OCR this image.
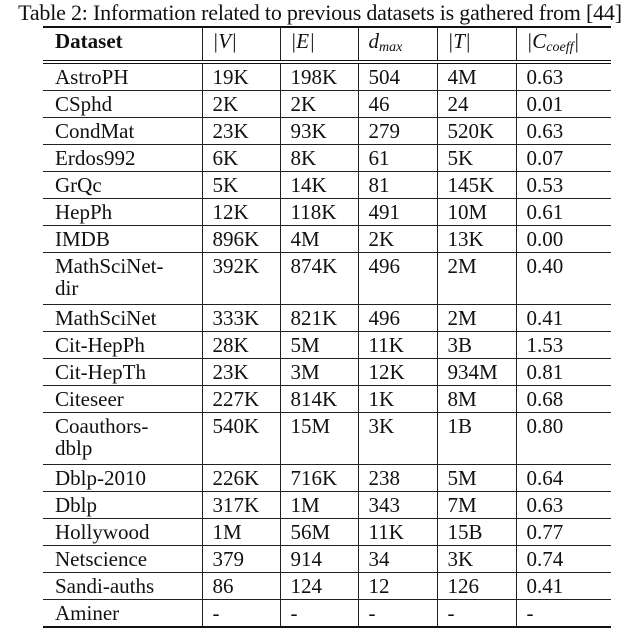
Table 2: Information related to previous datasets is gathered from [44]
Dataset	|V|	|E|	$d_{max}$	|T|	$|C_{coeff}|$
AstroPH	19K	198K	504	4M	0.63
CSphd	2K	2K	46	24	0.01
CondMat	23K	93K	279	520K	0.63
Erdos992	6K	8K	61	5K	0.07
GrQc	5K	14K	81	145K	0.53
HepPh	12K	118K	491	10M	0.61
IMDB	896K	4M	2K	13K	0.00

MathSciNet-
dir	392K	874K	496	2M	0.40
MathSciNet	333K	821K	496	2M	0.41
Cit-HepPh	28K	5M	11K	3B	1.53
Cit-HepTh	23K	3M	12K	934M	0.81
Citeseer	227K	814K	1K	8M	0.68

Coauthors-
dblp	540K	15M	3K	1B	0.80
Dblp-2010	226K	716K	238	5M	0.64
Dblp	317K	1M	343	7M	0.63
Hollywood	1M	56M	11K	15B	0.77
Netscience	379	914	34	3K	0.74
Sandi-auths	86	124	12	126	0.41
Aminer	-	-	-	-	-
